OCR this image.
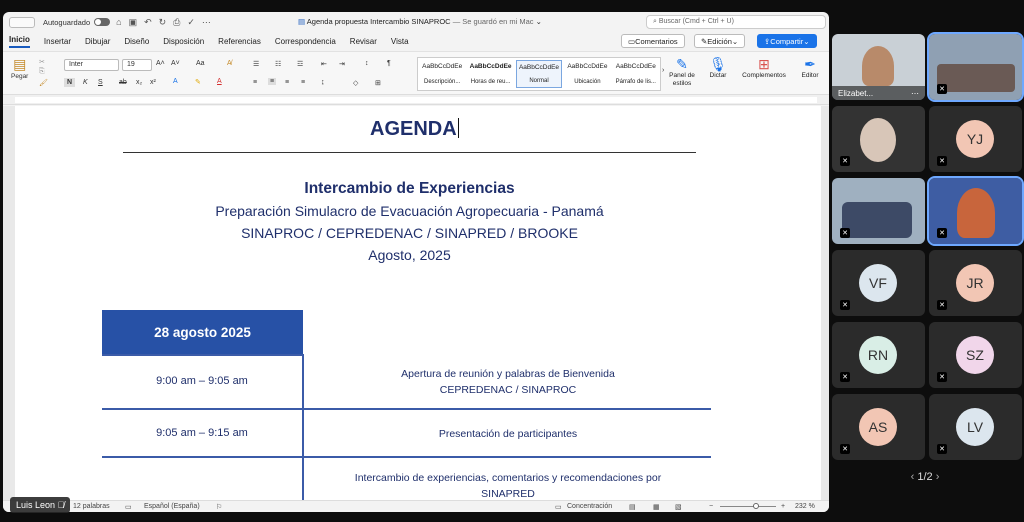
Autoguardado	⌂ ▣ ↶ ↻ ⎙ ✓ ⋯	▤ Agenda propuesta Intercambio SINAPROC — Se guardó en mi Mac ⌄	⌕ Buscar (Cmd + Ctrl + U)
Inicio Insertar Dibujar Diseño Disposición Referencias Correspondencia Revisar Vista	▭ Comentarios	✎ Edición ⌄	⇪ Compartir ⌄
▤
Pegar
✂
⎘
🖌
Inter	19	A˄ A˅ Aa	A̸
N	K S ab x₂ x² A ✎ A
☰ ☷ ☲	⇤ ⇥	↕	¶
≡ ≡ ≡ ≡ ↨	◇ ⊞
AaBbCcDdEe
Descripción...
AaBbCcDdEe
Horas de reu...
AaBbCcDdEe
Normal
AaBbCcDdEe
Ubicación
AaBbCcDdEe
Párrafo de lis...
› ✎
Panel de estilos
🎙
Dictar
⊞
Complementos
✒
Editor
AGENDA
Intercambio de Experiencias
Preparación Simulacro de Evacuación Agropecuaria - Panamá
SINAPROC / CEPREDENAC / SINAPRED / BROOKE
Agosto, 2025
28 agosto 2025
9:00 am – 9:05 am
Apertura de reunión y palabras de Bienvenida
CEPREDENAC / SINAPROC
9:05 am – 9:15 am	Presentación de participantes
Intercambio de experiencias, comentarios y recomendaciones por
SINAPRED
12 palabras ▭ Español (España) ⚐	▭ Concentración ▤ ▦ ▧	−	+ 232 %
Elizabet...	⋯	✕
✕
YJ
✕
✕	✕
VF
✕
JR
✕
RN
✕
SZ
✕
AS
✕
LV
✕
‹ 1/2 ›
Luis Leon 🎙̸
